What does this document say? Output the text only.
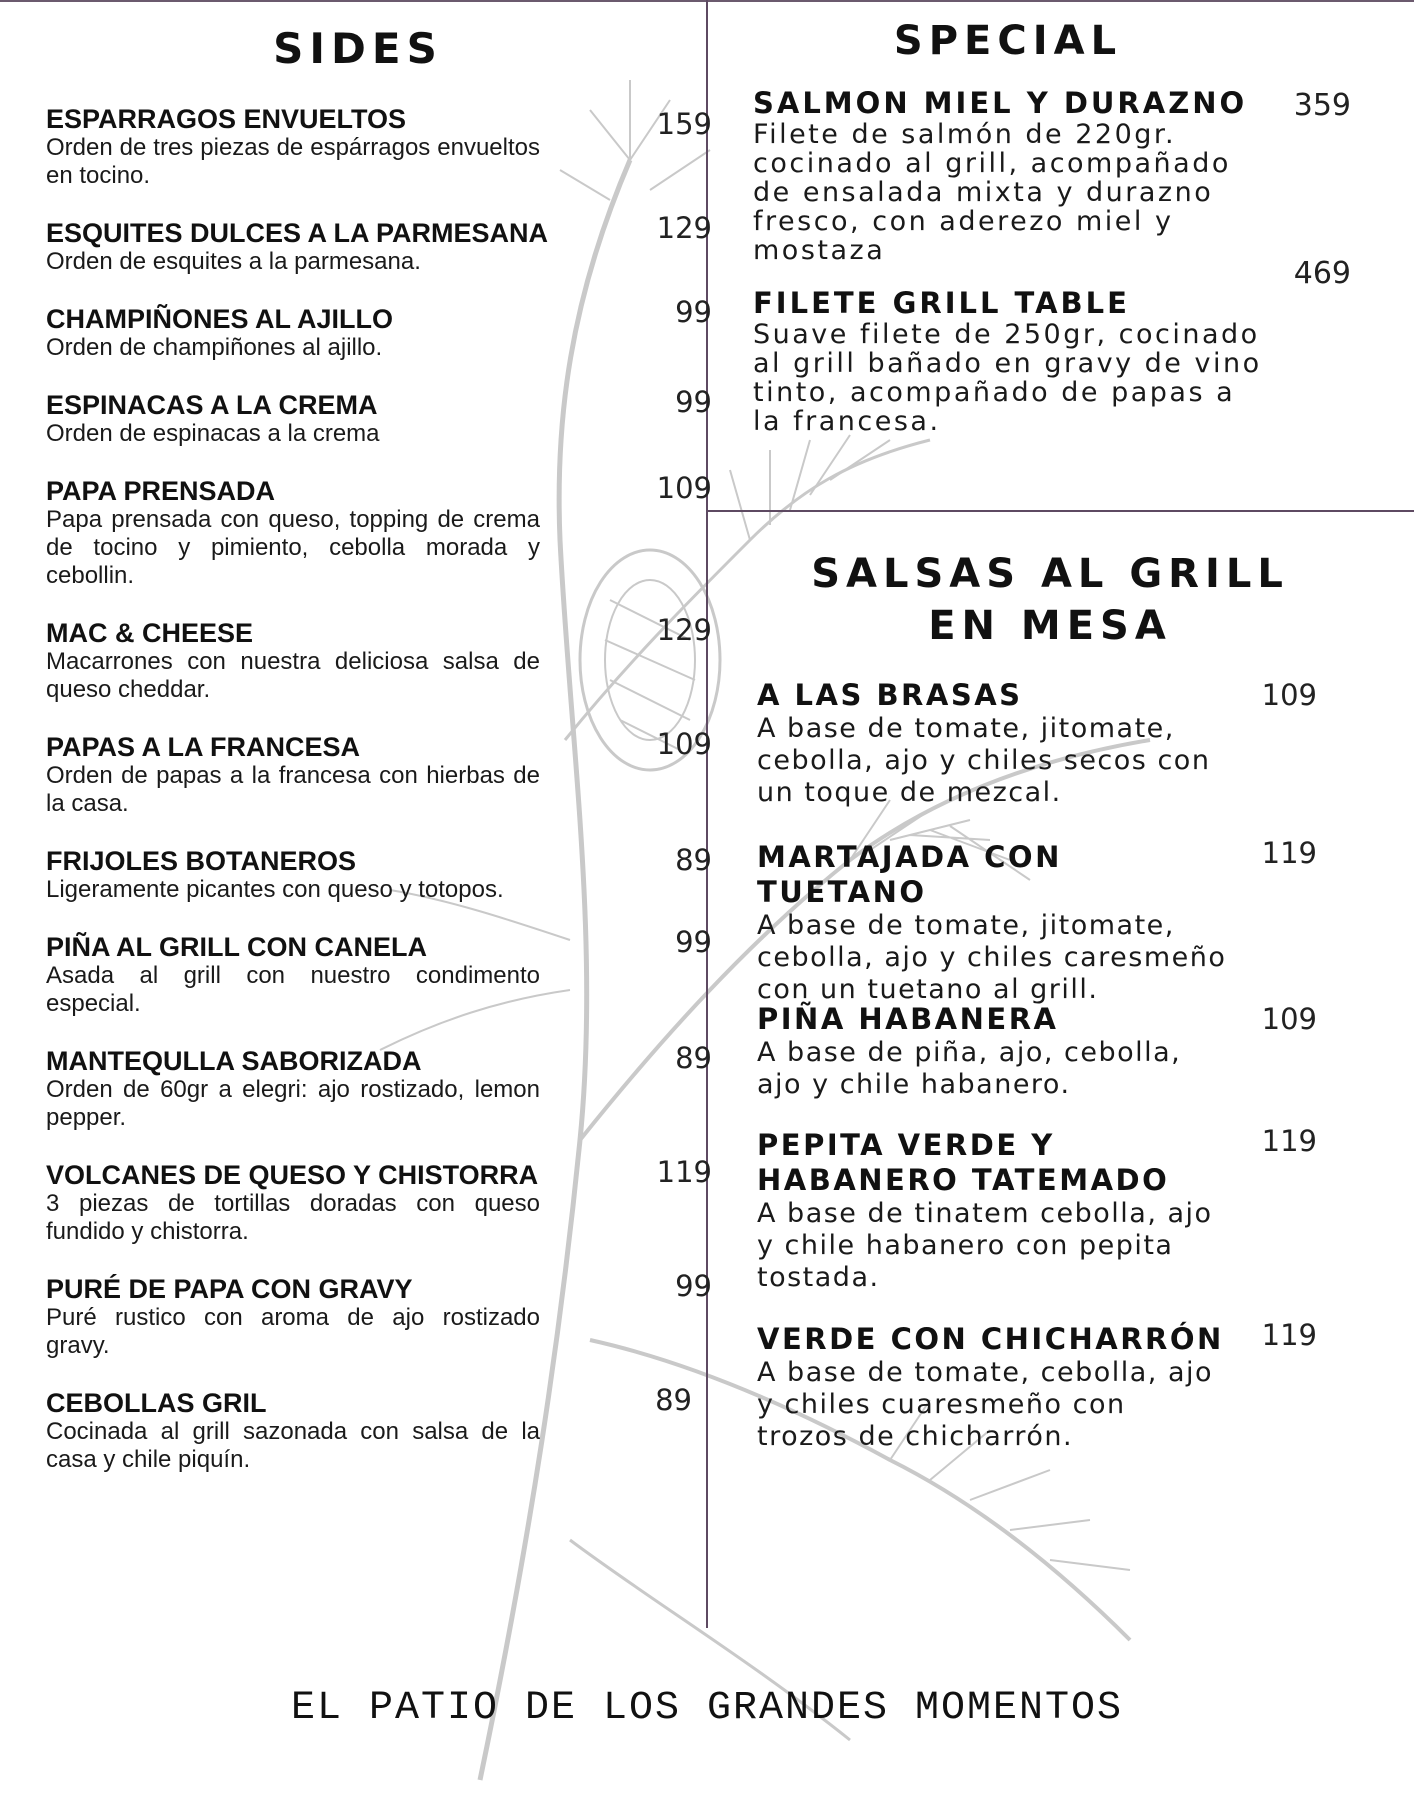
SIDES
ESPARRAGOS ENVUELTOS
Orden de tres piezas de espárragos envueltos en tocino.
159
ESQUITES DULCES A LA PARMESANA
Orden de esquites a la parmesana.
129
CHAMPIÑONES AL AJILLO
Orden de champiñones al ajillo.
99
ESPINACAS A LA CREMA
Orden de espinacas a la crema
99
PAPA PRENSADA
Papa prensada con queso, topping de crema de tocino y pimiento, cebolla morada y cebollin.
109
MAC & CHEESE
Macarrones con nuestra deliciosa salsa de queso cheddar.
129
PAPAS A LA FRANCESA
Orden de papas a la francesa con hierbas de la casa.
109
FRIJOLES BOTANEROS
Ligeramente picantes con queso y totopos.
89
PIÑA AL GRILL CON CANELA
Asada al grill con nuestro condimento especial.
99
MANTEQULLA SABORIZADA
Orden de 60gr a elegri: ajo rostizado, lemon pepper.
89
VOLCANES DE QUESO Y CHISTORRA
3 piezas de tortillas doradas con queso fundido y chistorra.
119
PURÉ DE PAPA CON GRAVY
Puré rustico con aroma de ajo rostizado gravy.
99
CEBOLLAS GRIL
Cocinada al grill sazonada con salsa de la casa y chile piquín.
89
SPECIAL
SALMON MIEL Y DURAZNO
Filete de salmón de 220gr. cocinado al grill, acompañado de ensalada mixta y durazno fresco, con aderezo miel y mostaza
359
FILETE GRILL TABLE
Suave filete de 250gr, cocinado al grill bañado en gravy de vino tinto, acompañado de papas a la francesa.
469
SALSAS AL GRILL
EN MESA
A LAS BRASAS
A base de tomate, jitomate, cebolla, ajo y chiles secos con un toque de mezcal.
109
MARTAJADA CON TUETANO
A base de tomate, jitomate, cebolla, ajo y chiles caresmeño con un tuetano al grill.
119
PIÑA HABANERA
A base de piña, ajo, cebolla, ajo y chile habanero.
109
PEPITA VERDE Y HABANERO TATEMADO
A base de tinatem cebolla, ajo y chile habanero con pepita tostada.
119
VERDE CON CHICHARRÓN
A base de tomate, cebolla, ajo y chiles cuaresmeño con trozos de chicharrón.
119
EL PATIO DE LOS GRANDES MOMENTOS
